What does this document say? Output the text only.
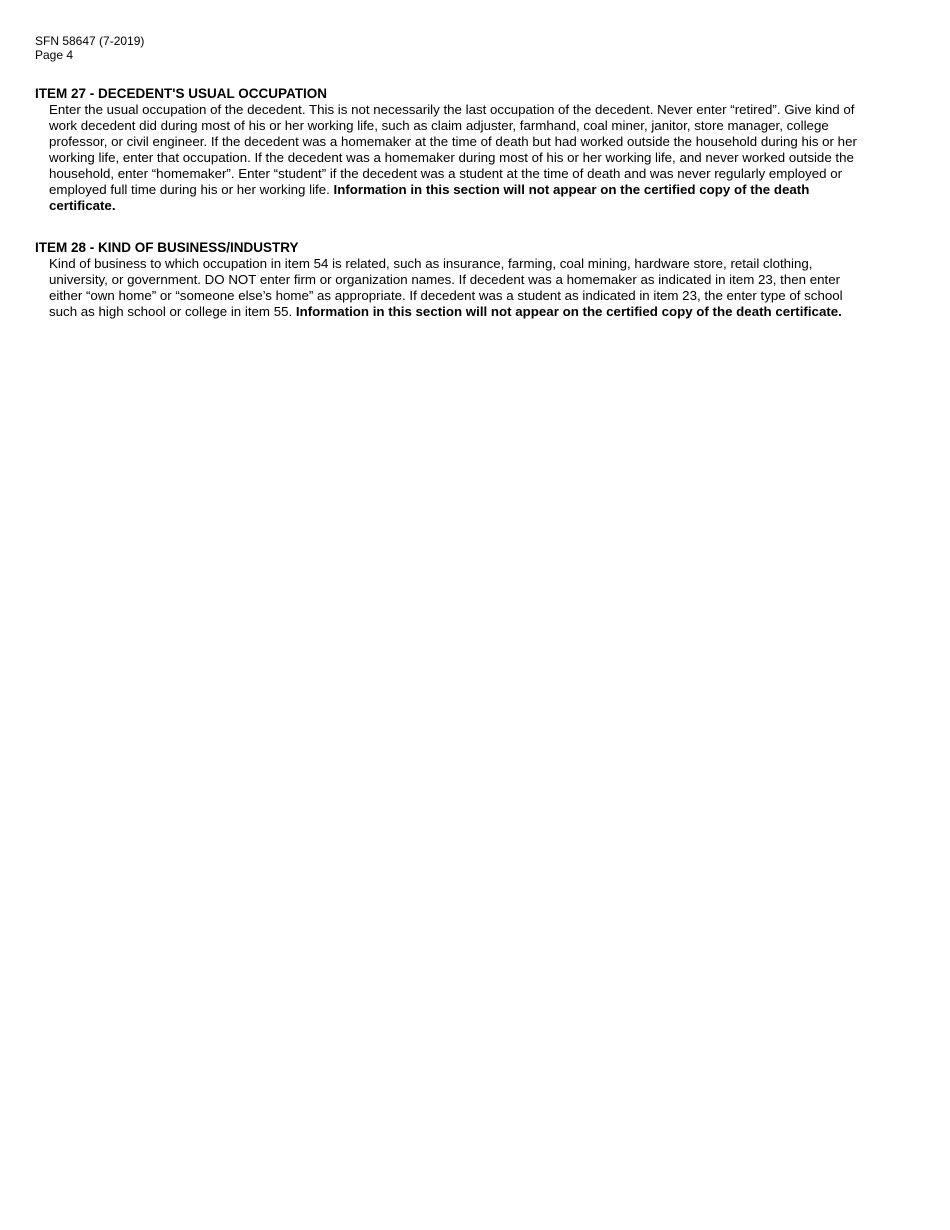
SFN 58647 (7-2019)
Page 4
ITEM 27 - DECEDENT'S USUAL OCCUPATION
Enter the usual occupation of the decedent. This is not necessarily the last occupation of the decedent. Never enter “retired”. Give kind of
work decedent did during most of his or her working life, such as claim adjuster, farmhand, coal miner, janitor, store manager, college
professor, or civil engineer. If the decedent was a homemaker at the time of death but had worked outside the household during his or her
working life, enter that occupation. If the decedent was a homemaker during most of his or her working life, and never worked outside the
household, enter “homemaker”. Enter “student” if the decedent was a student at the time of death and was never regularly employed or
employed full time during his or her working life. Information in this section will not appear on the certified copy of the death
certificate.
ITEM 28 - KIND OF BUSINESS/INDUSTRY
Kind of business to which occupation in item 54 is related, such as insurance, farming, coal mining, hardware store, retail clothing,
university, or government. DO NOT enter firm or organization names. If decedent was a homemaker as indicated in item 23, then enter
either “own home” or “someone else’s home” as appropriate. If decedent was a student as indicated in item 23, the enter type of school
such as high school or college in item 55. Information in this section will not appear on the certified copy of the death certificate.
